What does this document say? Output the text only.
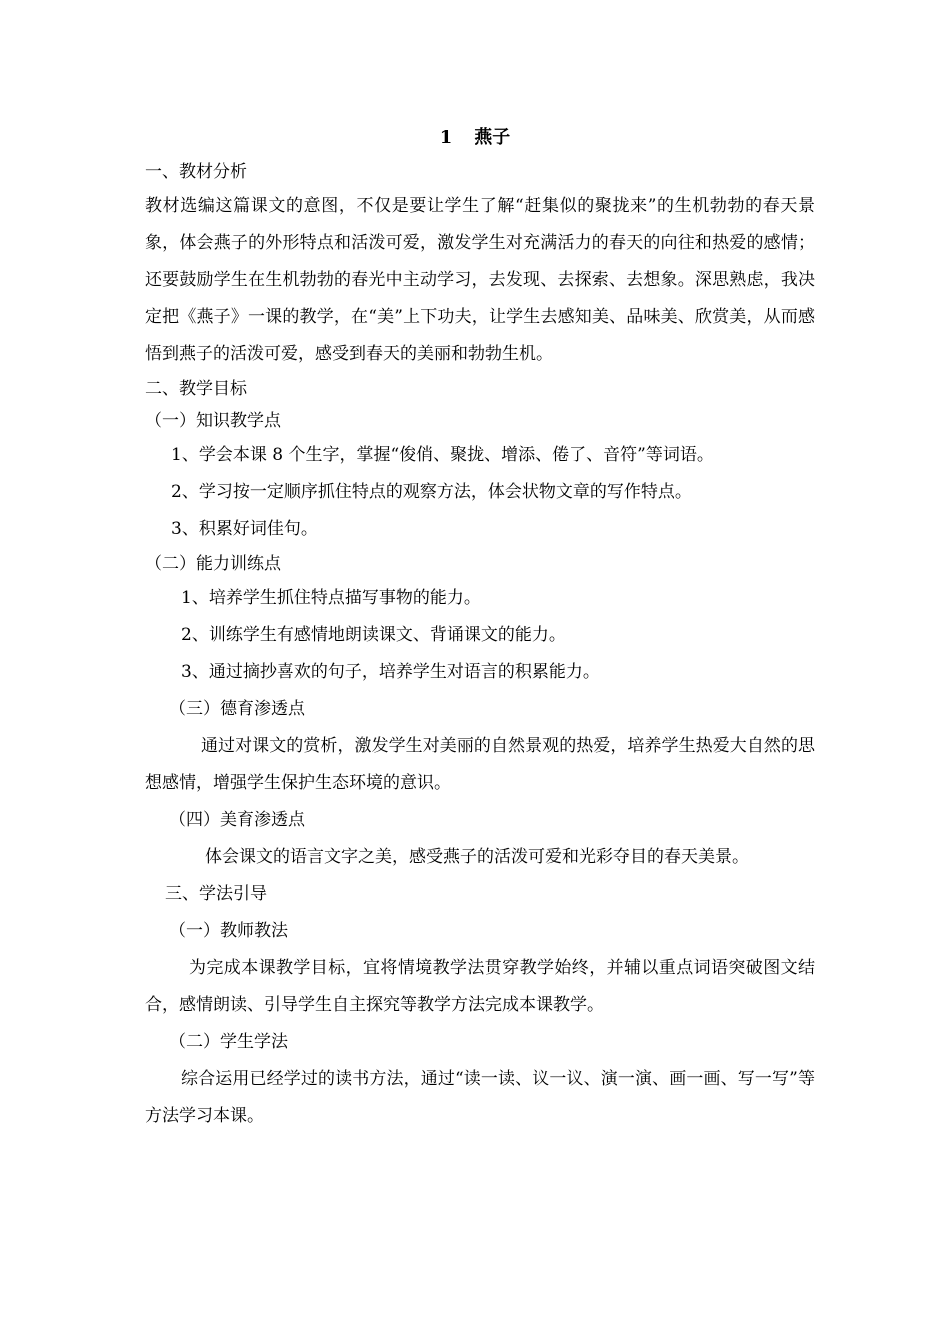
1 燕子

一、教材分析

教材选编这篇课文的意图，不仅是要让学生了解“赶集似的聚拢来”的生机勃勃的春天景象，体会燕子的外形特点和活泼可爱，激发学生对充满活力的春天的向往和热爱的感情；还要鼓励学生在生机勃勃的春光中主动学习，去发现、去探索、去想象。深思熟虑，我决定把《燕子》一课的教学，在“美”上下功夫，让学生去感知美、品味美、欣赏美，从而感悟到燕子的活泼可爱，感受到春天的美丽和勃勃生机。

二、教学目标

（一）知识教学点

1、学会本课 8 个生字，掌握“俊俏、聚拢、增添、倦了、音符”等词语。

2、学习按一定顺序抓住特点的观察方法，体会状物文章的写作特点。

3、积累好词佳句。

（二）能力训练点

1、培养学生抓住特点描写事物的能力。

2、训练学生有感情地朗读课文、背诵课文的能力。

3、通过摘抄喜欢的句子，培养学生对语言的积累能力。

（三）德育渗透点

通过对课文的赏析，激发学生对美丽的自然景观的热爱，培养学生热爱大自然的思想感情，增强学生保护生态环境的意识。

（四）美育渗透点

体会课文的语言文字之美，感受燕子的活泼可爱和光彩夺目的春天美景。

三、学法引导

（一）教师教法

为完成本课教学目标，宜将情境教学法贯穿教学始终，并辅以重点词语突破图文结合，感情朗读、引导学生自主探究等教学方法完成本课教学。

（二）学生学法

综合运用已经学过的读书方法，通过“读一读、议一议、演一演、画一画、写一写”等方法学习本课。
